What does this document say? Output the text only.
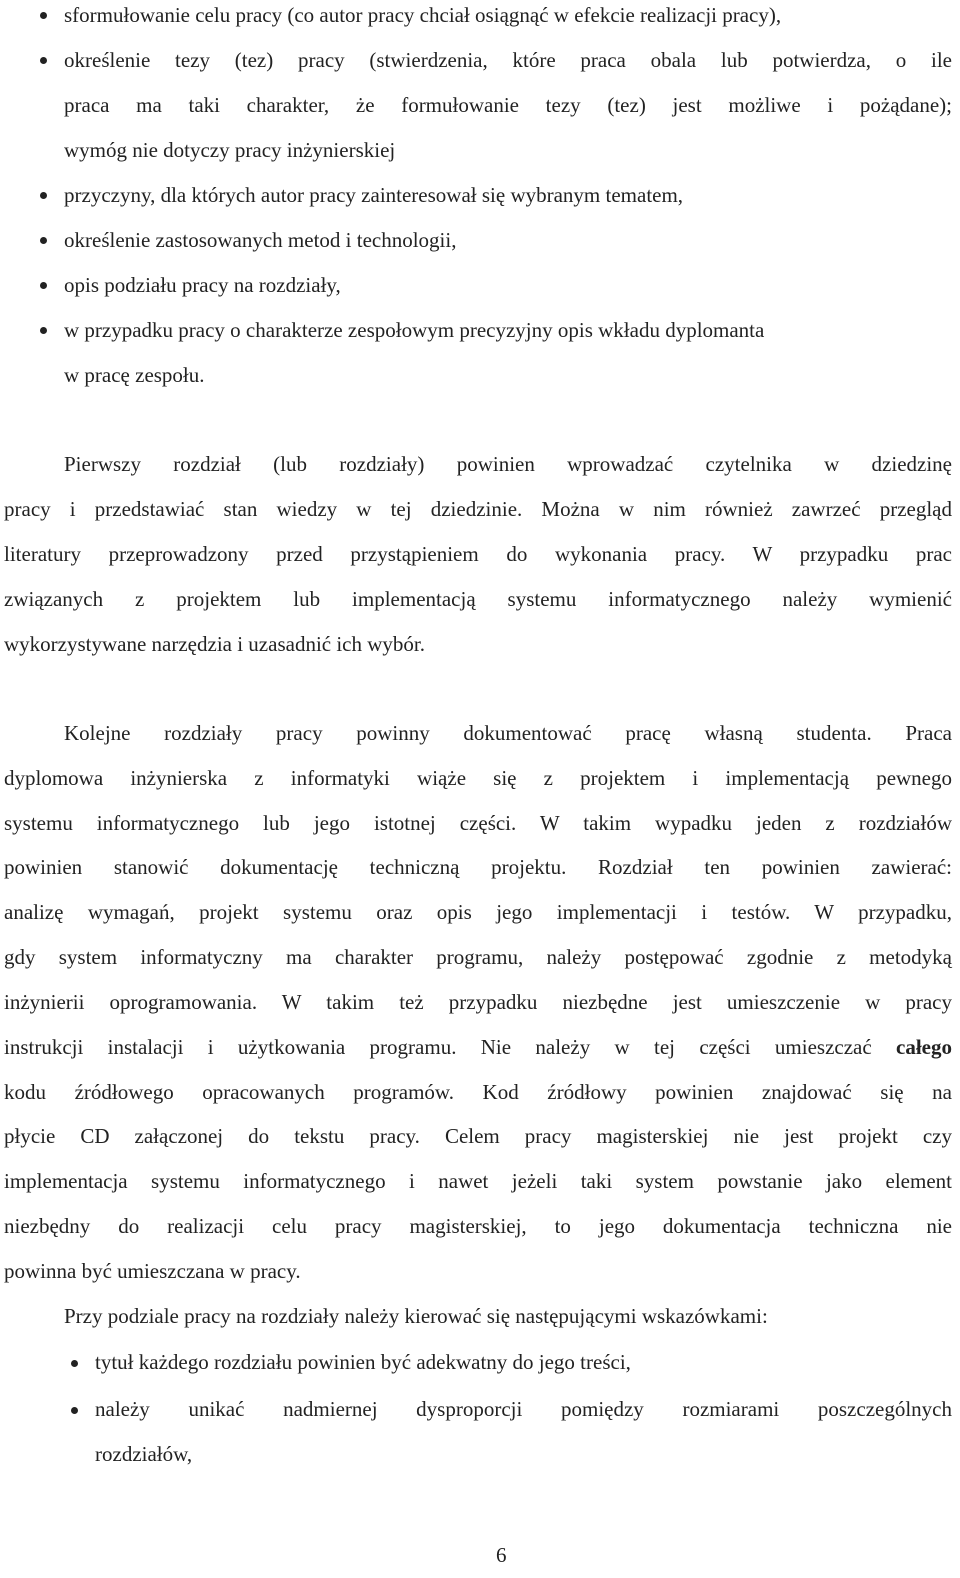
sformułowanie celu pracy (co autor pracy chciał osiągnąć w efekcie realizacji pracy),
określenie tezy (tez) pracy (stwierdzenia, które praca obala lub potwierdza, o ile
praca ma taki charakter, że formułowanie tezy (tez) jest możliwe i pożądane);
wymóg nie dotyczy pracy inżynierskiej
przyczyny, dla których autor pracy zainteresował się wybranym tematem,
określenie zastosowanych metod i technologii,
opis podziału pracy na rozdziały,
w przypadku pracy o charakterze zespołowym precyzyjny opis wkładu dyplomanta
w pracę zespołu.
Pierwszy rozdział (lub rozdziały) powinien wprowadzać czytelnika w dziedzinę
pracy i przedstawiać stan wiedzy w tej dziedzinie. Można w nim również zawrzeć przegląd
literatury przeprowadzony przed przystąpieniem do wykonania pracy. W przypadku prac
związanych z projektem lub implementacją systemu informatycznego należy wymienić
wykorzystywane narzędzia i uzasadnić ich wybór.
Kolejne rozdziały pracy powinny dokumentować pracę własną studenta. Praca
dyplomowa inżynierska z informatyki wiąże się z projektem i implementacją pewnego
systemu informatycznego lub jego istotnej części. W takim wypadku jeden z rozdziałów
powinien stanowić dokumentację techniczną projektu. Rozdział ten powinien zawierać:
analizę wymagań, projekt systemu oraz opis jego implementacji i testów. W przypadku,
gdy system informatyczny ma charakter programu, należy postępować zgodnie z metodyką
inżynierii oprogramowania. W takim też przypadku niezbędne jest umieszczenie w pracy
instrukcji instalacji i użytkowania programu. Nie należy w tej części umieszczać całego
kodu źródłowego opracowanych programów. Kod źródłowy powinien znajdować się na
płycie CD załączonej do tekstu pracy. Celem pracy magisterskiej nie jest projekt czy
implementacja systemu informatycznego i nawet jeżeli taki system powstanie jako element
niezbędny do realizacji celu pracy magisterskiej, to jego dokumentacja techniczna nie
powinna być umieszczana w pracy.
Przy podziale pracy na rozdziały należy kierować się następującymi wskazówkami:
tytuł każdego rozdziału powinien być adekwatny do jego treści,
należy unikać nadmiernej dysproporcji pomiędzy rozmiarami poszczególnych
rozdziałów,
6
